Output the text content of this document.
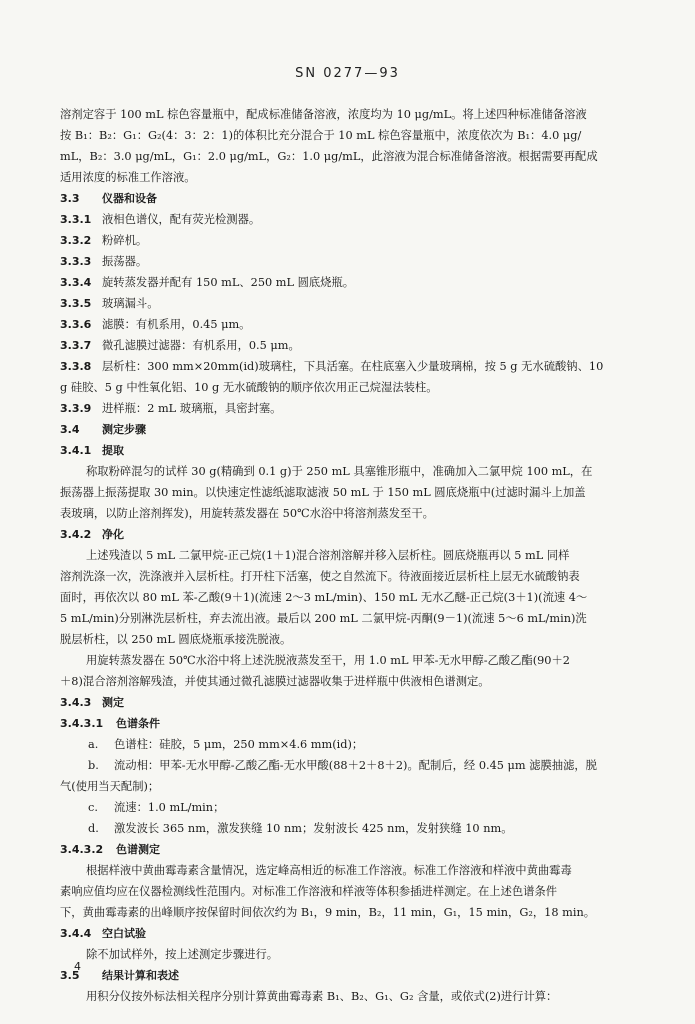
SN 0277—93
溶剂定容于 100 mL 棕色容量瓶中，配成标准储备溶液，浓度均为 10 μg/mL。将上述四种标准储备溶液
按 B₁：B₂：G₁：G₂(4：3：2：1)的体积比充分混合于 10 mL 棕色容量瓶中，浓度依次为 B₁：4.0 μg/
mL，B₂：3.0 μg/mL，G₁：2.0 μg/mL，G₂：1.0 μg/mL，此溶液为混合标准储备溶液。根据需要再配成
适用浓度的标准工作溶液。
3.3 仪器和设备
3.3.1 液相色谱仪，配有荧光检测器。
3.3.2 粉碎机。
3.3.3 振荡器。
3.3.4 旋转蒸发器并配有 150 mL、250 mL 圆底烧瓶。
3.3.5 玻璃漏斗。
3.3.6 滤膜：有机系用，0.45 μm。
3.3.7 微孔滤膜过滤器：有机系用，0.5 μm。
3.3.8 层析柱：300 mm×20mm(id)玻璃柱，下具活塞。在柱底塞入少量玻璃棉，按 5 g 无水硫酸钠、10
g 硅胶、5 g 中性氧化铝、10 g 无水硫酸钠的顺序依次用正己烷湿法装柱。
3.3.9 进样瓶：2 mL 玻璃瓶，具密封塞。
3.4 测定步骤
3.4.1 提取
称取粉碎混匀的试样 30 g(精确到 0.1 g)于 250 mL 具塞锥形瓶中，准确加入二氯甲烷 100 mL，在
振荡器上振荡提取 30 min。以快速定性滤纸滤取滤液 50 mL 于 150 mL 圆底烧瓶中(过滤时漏斗上加盖
表玻璃，以防止溶剂挥发)，用旋转蒸发器在 50℃水浴中将溶剂蒸发至干。
3.4.2 净化
上述残渣以 5 mL 二氯甲烷-正己烷(1＋1)混合溶剂溶解并移入层析柱。圆底烧瓶再以 5 mL 同样
溶剂洗涤一次，洗涤液并入层析柱。打开柱下活塞，使之自然流下。待液面接近层析柱上层无水硫酸钠表
面时，再依次以 80 mL 苯-乙酸(9＋1)(流速 2～3 mL/min)、150 mL 无水乙醚-正己烷(3＋1)(流速 4～
5 mL/min)分别淋洗层析柱，弃去流出液。最后以 200 mL 二氯甲烷-丙酮(9－1)(流速 5～6 mL/min)洗
脱层析柱，以 250 mL 圆底烧瓶承接洗脱液。
用旋转蒸发器在 50℃水浴中将上述洗脱液蒸发至干，用 1.0 mL 甲苯-无水甲醇-乙酸乙酯(90＋2
＋8)混合溶剂溶解残渣，并使其通过微孔滤膜过滤器收集于进样瓶中供液相色谱测定。
3.4.3 测定
3.4.3.1 色谱条件
a. 色谱柱：硅胶，5 μm，250 mm×4.6 mm(id)；
b. 流动相：甲苯-无水甲醇-乙酸乙酯-无水甲酸(88＋2＋8＋2)。配制后，经 0.45 μm 滤膜抽滤，脱
气(使用当天配制)；
c. 流速：1.0 mL/min；
d. 激发波长 365 nm，激发狭缝 10 nm；发射波长 425 nm，发射狭缝 10 nm。
3.4.3.2 色谱测定
根据样液中黄曲霉毒素含量情况，选定峰高相近的标准工作溶液。标准工作溶液和样液中黄曲霉毒
素响应值均应在仪器检测线性范围内。对标准工作溶液和样液等体积参插进样测定。在上述色谱条件
下，黄曲霉毒素的出峰顺序按保留时间依次约为 B₁，9 min，B₂，11 min，G₁，15 min，G₂，18 min。
3.4.4 空白试验
除不加试样外，按上述测定步骤进行。
3.5 结果计算和表述
用积分仪按外标法相关程序分别计算黄曲霉毒素 B₁、B₂、G₁、G₂ 含量，或依式(2)进行计算：
4
